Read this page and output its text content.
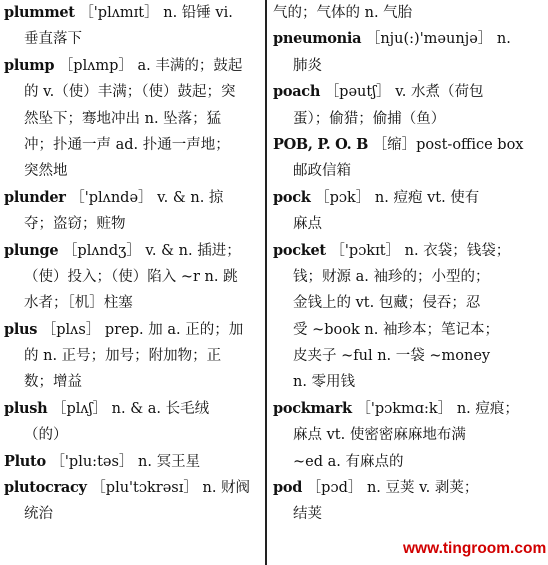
plummet ［'plʌmɪt］ n. 铅锤 vi.
垂直落下
plump ［plʌmp］ a. 丰满的；鼓起
的 v.（使）丰满；（使）鼓起；突
然坠下；骞地冲出 n. 坠落；猛
冲；扑通一声 ad. 扑通一声地；
突然地
plunder ［'plʌndə］ v. & n. 掠
夺；盗窃；赃物
plunge ［plʌndʒ］ v. & n. 插进；
（使）投入；（使）陷入 ~r n. 跳
水者；［机］柱塞
plus ［plʌs］ prep. 加 a. 正的；加
的 n. 正号；加号；附加物；正
数；增益
plush ［plʌʃ］ n. & a. 长毛绒
（的）
Pluto ［'plu:təs］ n. 冥王星
plutocracy ［plu'tɔkrəsɪ］ n. 财阀
统治
气的；气体的 n. 气胎
pneumonia ［nju(:)'məunjə］ n.
肺炎
poach ［pəutʃ］ v. 水煮（荷包
蛋）；偷猎；偷捕（鱼）
POB, P. O. B ［缩］post-office box
邮政信箱
pock ［pɔk］ n. 痘疱 vt. 使有
麻点
pocket ［'pɔkɪt］ n. 衣袋；钱袋；
钱；财源 a. 袖珍的；小型的；
金钱上的 vt. 包藏；侵吞；忍
受 ~book n. 袖珍本；笔记本；
皮夹子 ~ful n. 一袋 ~money
n. 零用钱
pockmark ［'pɔkmɑ:k］ n. 痘痕；
麻点 vt. 使密密麻麻地布满
~ed a. 有麻点的
pod ［pɔd］ n. 豆荚 v. 剥荚；
结荚
www.tingroom.com
